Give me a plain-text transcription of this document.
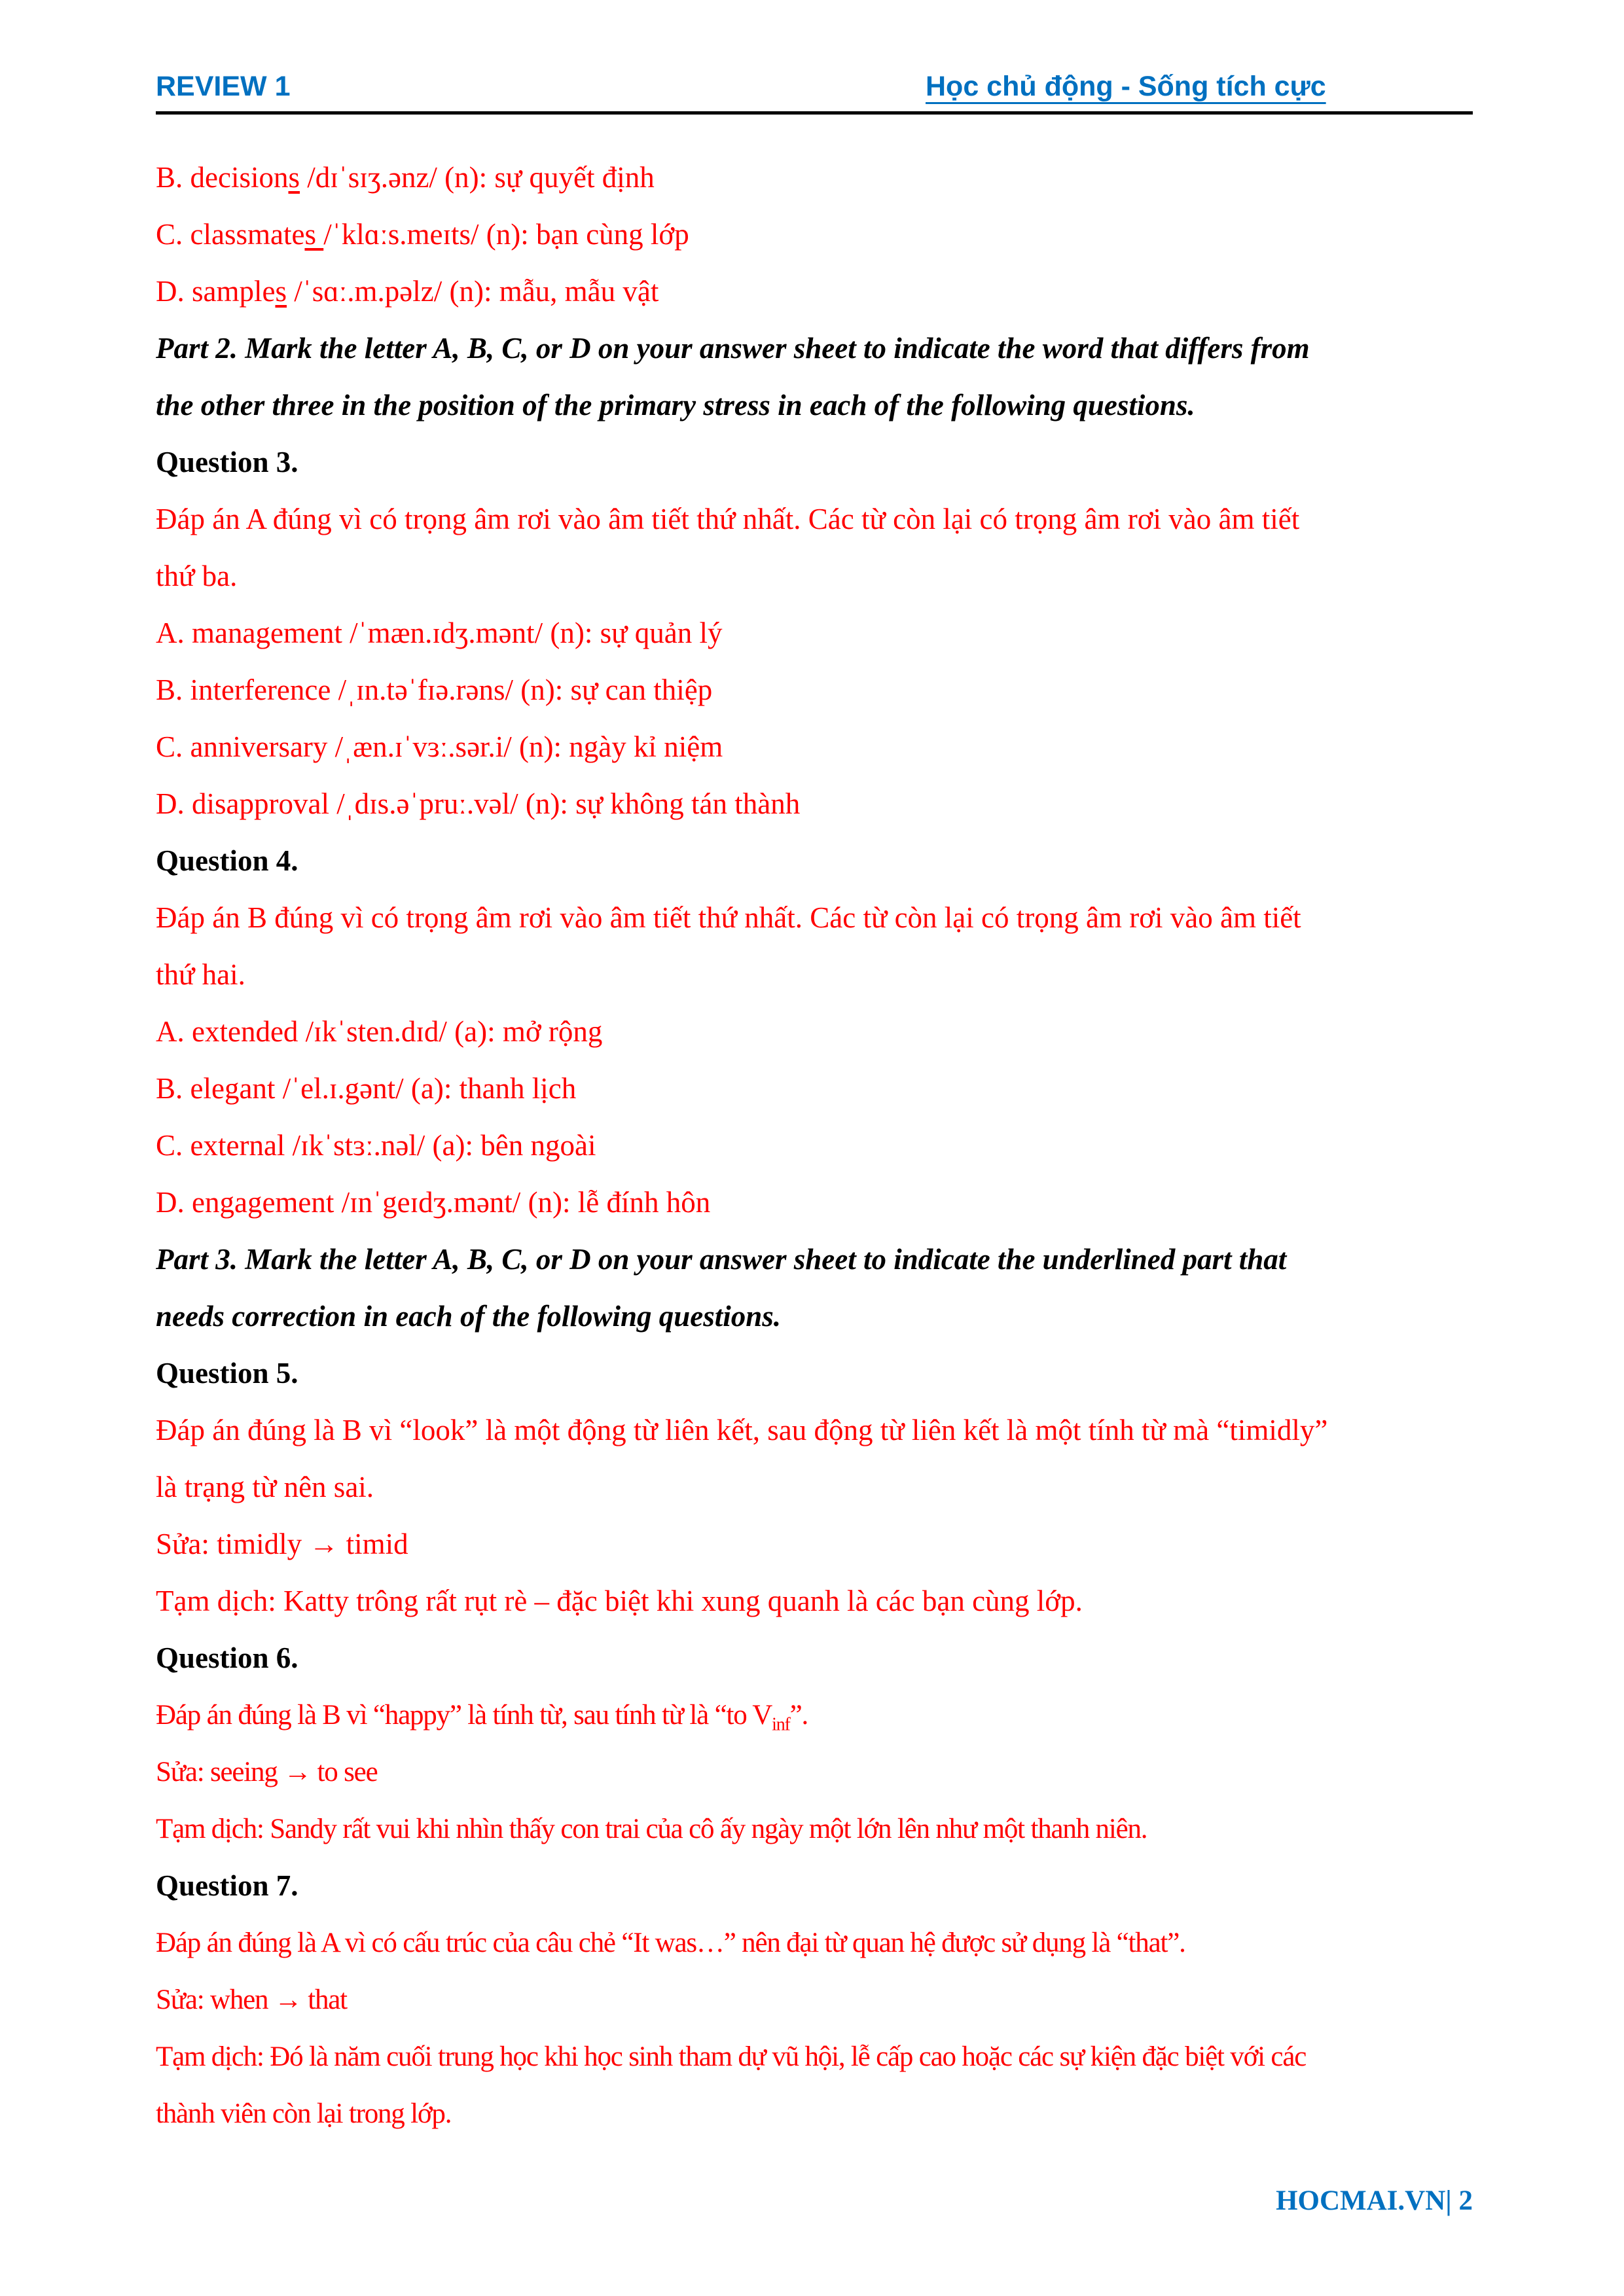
REVIEW 1	Học chủ động - Sống tích cực
B. decisions /dɪˈsɪʒ.ənz/ (n): sự quyết định
C. classmates /ˈklɑːs.meɪts/ (n): bạn cùng lớp
D. samples /ˈsɑː.m.pəlz/ (n): mẫu, mẫu vật
Part 2. Mark the letter A, B, C, or D on your answer sheet to indicate the word that differs from
the other three in the position of the primary stress in each of the following questions.
Question 3.
Đáp án A đúng vì có trọng âm rơi vào âm tiết thứ nhất. Các từ còn lại có trọng âm rơi vào âm tiết
thứ ba.
A. management /ˈmæn.ɪdʒ.mənt/ (n): sự quản lý
B. interference /ˌɪn.təˈfɪə.rəns/ (n): sự can thiệp
C. anniversary /ˌæn.ɪˈvɜː.sər.i/ (n): ngày kỉ niệm
D. disapproval /ˌdɪs.əˈpruː.vəl/ (n): sự không tán thành
Question 4.
Đáp án B đúng vì có trọng âm rơi vào âm tiết thứ nhất. Các từ còn lại có trọng âm rơi vào âm tiết
thứ hai.
A. extended /ɪkˈsten.dɪd/ (a): mở rộng
B. elegant /ˈel.ɪ.gənt/ (a): thanh lịch
C. external /ɪkˈstɜː.nəl/ (a): bên ngoài
D. engagement /ɪnˈgeɪdʒ.mənt/ (n): lễ đính hôn
Part 3. Mark the letter A, B, C, or D on your answer sheet to indicate the underlined part that
needs correction in each of the following questions.
Question 5.
Đáp án đúng là B vì “look” là một động từ liên kết, sau động từ liên kết là một tính từ mà “timidly”
là trạng từ nên sai.
Sửa: timidly → timid
Tạm dịch: Katty trông rất rụt rè – đặc biệt khi xung quanh là các bạn cùng lớp.
Question 6.
Đáp án đúng là B vì “happy” là tính từ, sau tính từ là “to $V_{inf}$”.
Sửa: seeing → to see
Tạm dịch: Sandy rất vui khi nhìn thấy con trai của cô ấy ngày một lớn lên như một thanh niên.
Question 7.
Đáp án đúng là A vì có cấu trúc của câu chẻ “It was…” nên đại từ quan hệ được sử dụng là “that”.
Sửa: when → that
Tạm dịch: Đó là năm cuối trung học khi học sinh tham dự vũ hội, lễ cấp cao hoặc các sự kiện đặc biệt với các
thành viên còn lại trong lớp.
HOCMAI.VN| 2
